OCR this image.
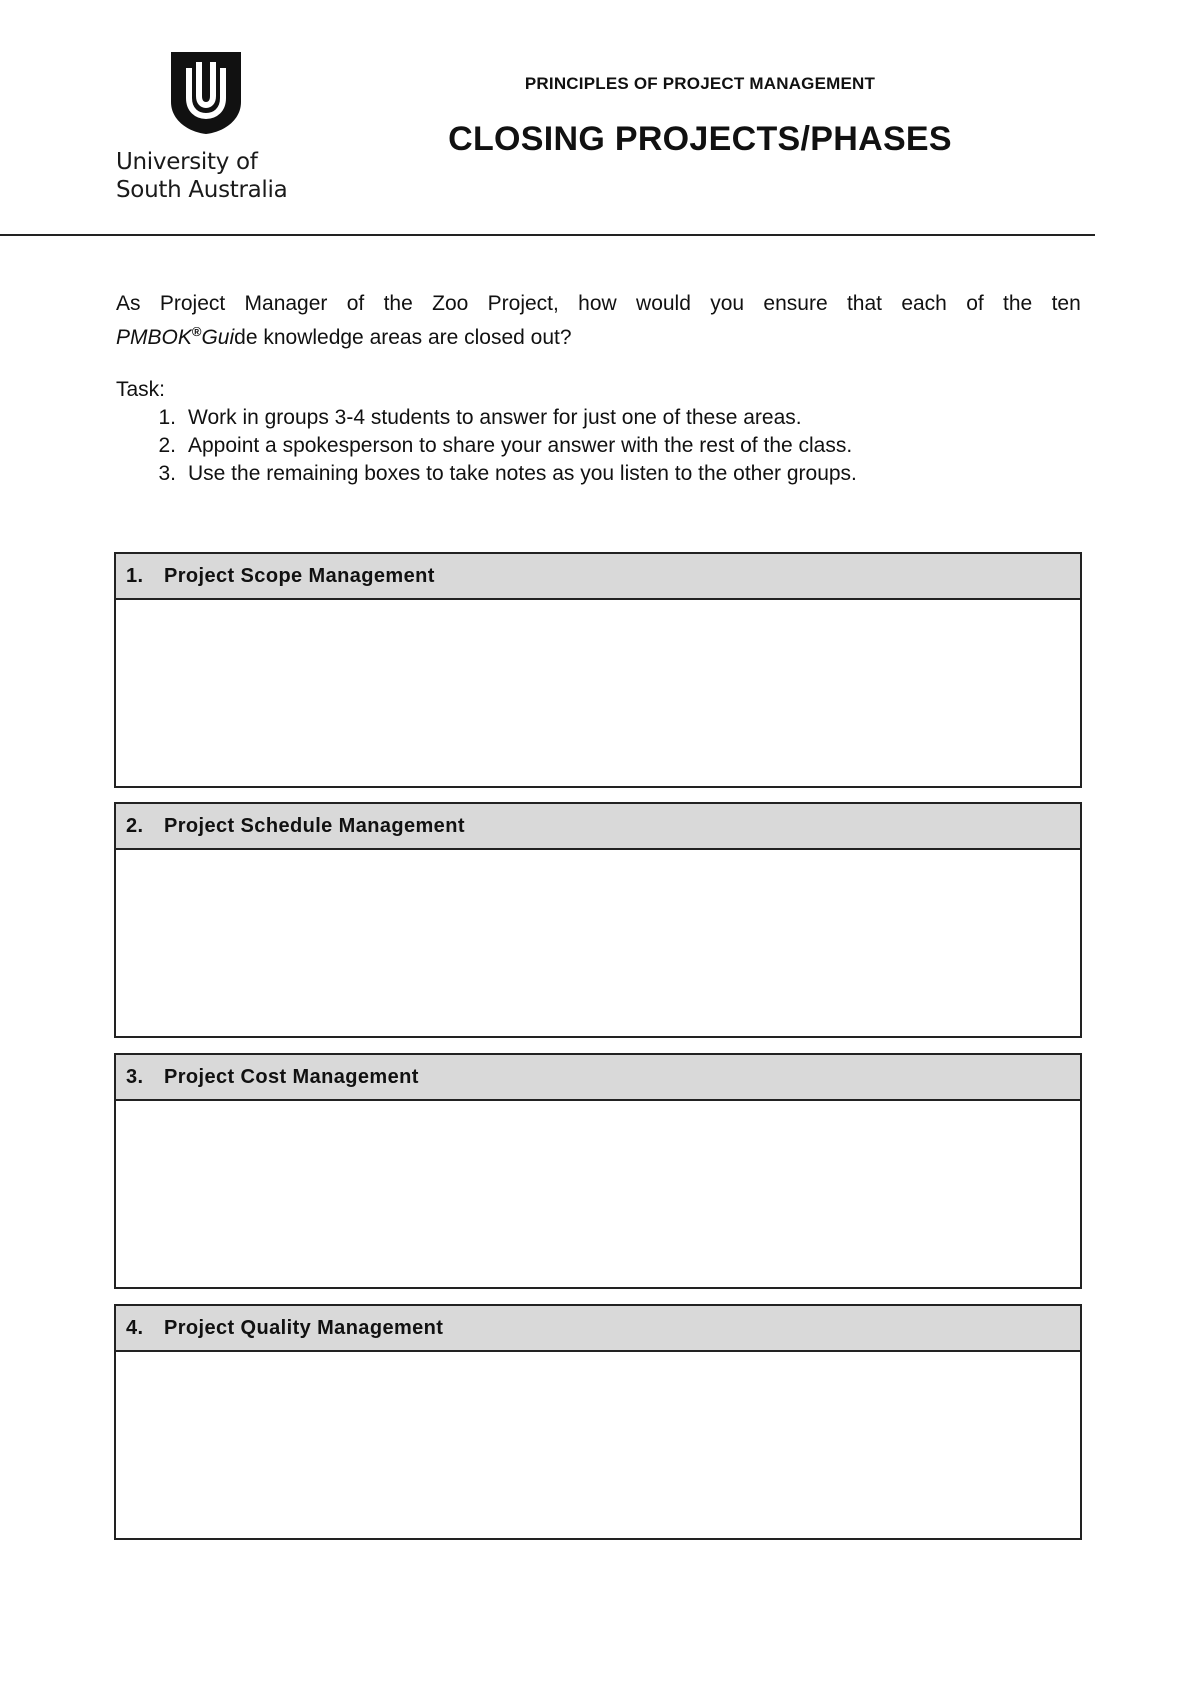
University of
South Australia
PRINCIPLES OF PROJECT MANAGEMENT
CLOSING PROJECTS/PHASES
As Project Manager of the Zoo Project, how would you ensure that each of the ten
PMBOK®Guide knowledge areas are closed out?
Task:
1. Work in groups 3-4 students to answer for just one of these areas.
2. Appoint a spokesperson to share your answer with the rest of the class.
3. Use the remaining boxes to take notes as you listen to the other groups.
1.	Project Scope Management
2.	Project Schedule Management
3.	Project Cost Management
4.	Project Quality Management
